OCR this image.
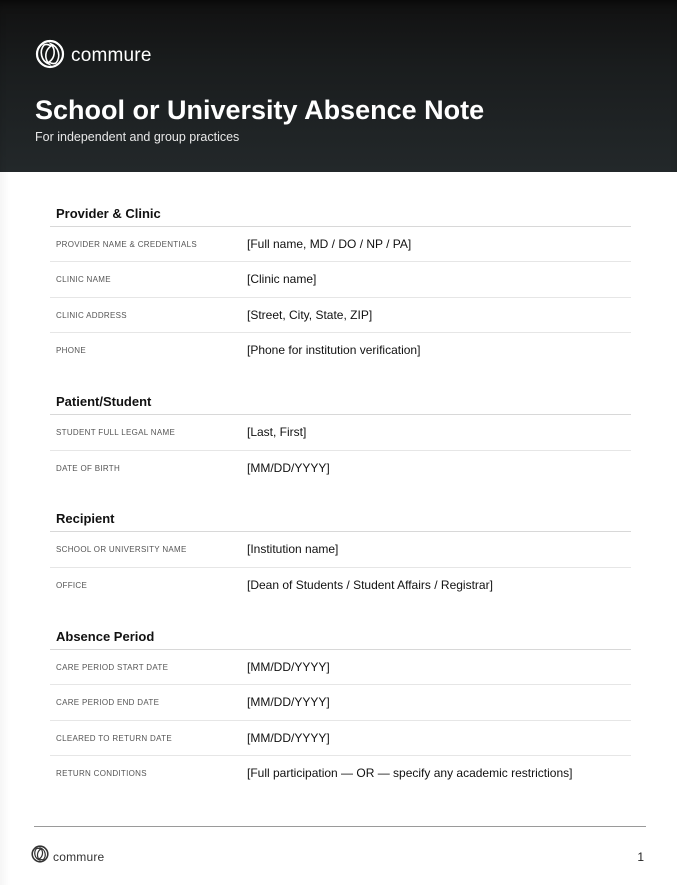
commure
School or University Absence Note
For independent and group practices
Provider & Clinic
PROVIDER NAME & CREDENTIALS	[Full name, MD / DO / NP / PA]
CLINIC NAME	[Clinic name]
CLINIC ADDRESS	[Street, City, State, ZIP]
PHONE	[Phone for institution verification]
Patient/Student
STUDENT FULL LEGAL NAME	[Last, First]
DATE OF BIRTH	[MM/DD/YYYY]
Recipient
SCHOOL OR UNIVERSITY NAME	[Institution name]
OFFICE	[Dean of Students / Student Affairs / Registrar]
Absence Period
CARE PERIOD START DATE	[MM/DD/YYYY]
CARE PERIOD END DATE	[MM/DD/YYYY]
CLEARED TO RETURN DATE	[MM/DD/YYYY]
RETURN CONDITIONS	[Full participation — OR — specify any academic restrictions]
commure	1
